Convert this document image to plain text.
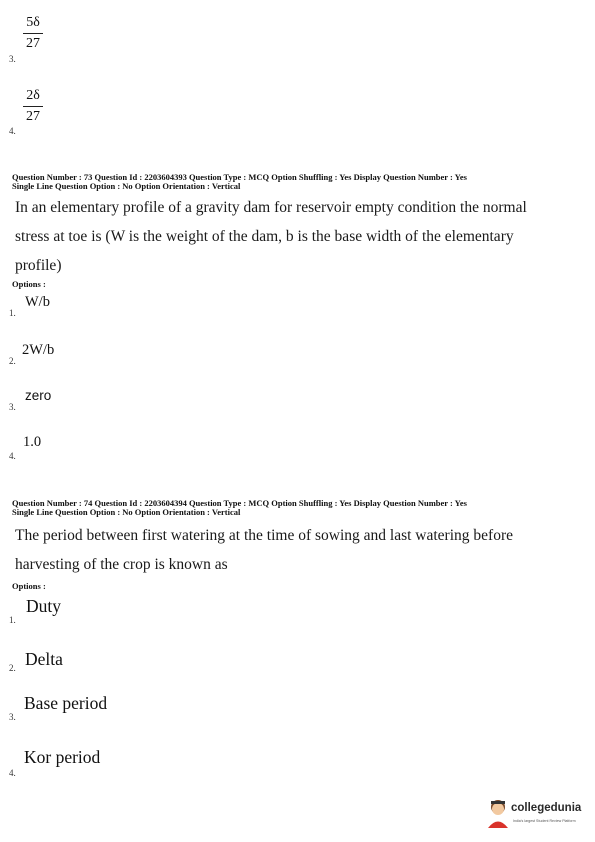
5δ
27
3.
2δ
27
4.
Question Number : 73 Question Id : 2203604393 Question Type : MCQ Option Shuffling : Yes Display Question Number : Yes
Single Line Question Option : No Option Orientation : Vertical
In an elementary profile of a gravity dam for reservoir empty condition the normal
stress at toe is (W is the weight of the dam, b is the base width of the elementary
profile)
Options :
W/b
1.
2W/b
2.
zero
3.
1.0
4.
Question Number : 74 Question Id : 2203604394 Question Type : MCQ Option Shuffling : Yes Display Question Number : Yes
Single Line Question Option : No Option Orientation : Vertical
The period between first watering at the time of sowing and last watering before
harvesting of the crop is known as
Options :
Duty
1.
Delta
2.
Base period
3.
Kor period
4.
collegedunia
India's largest Student Review Platform
